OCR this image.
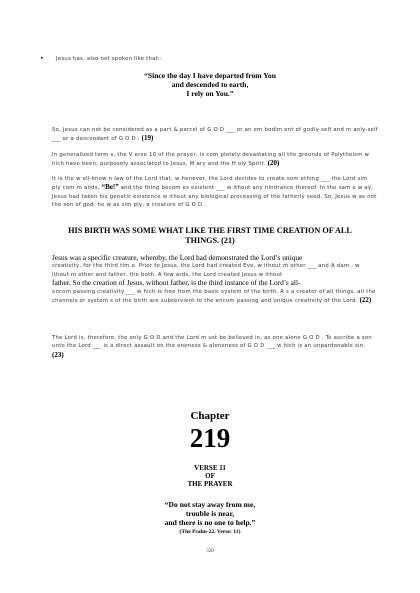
• Jesus has, also not spoken like that:-
“Since the day I have departed from You
and descended to earth,
I rely on You.”
So, Jesus can not be considered as a part & parcel of G O D ___ or an em bodim ent of godly-self and m anly-self ___ or a descendant of G O D . (19)
In generalized term s, the V erse 10 of the prayer, is com pletely devastating all the grounds of Polytheism w hich have been, purposely associated to Jesus, M ary and the H oly Spirit. (20)
It is the w ell-know n law of the Lord that, w henever, the Lord decides to create som ething ___ the Lord sim ply com m ands, “Be!” and the thing becom es existent ___ w ithout any hindrance thereof. In the sam e w ay, Jesus had taken his genetic existence w ithout any biological processing of the fatherly seed. So, Jesus w as not the son of god, he w as sim ply, a creature of G O D .
HIS BIRTH WAS SOME WHAT LIKE THE FIRST TIME CREATION OF ALL
THINGS. (21)
Jesus was a specific creature, whereby, the Lord had demonstrated the Lord’s unique
creativity, for the third tim e. Prior to Jesus, the Lord had created Eve, w ithout m other ___ and A dam , w ithout m other and father, the both. A few ards, the Lord created Jesus w ithout
father. So the creation of Jesus, without father, is the third instance of the Lord’s all-
encom passing creativity ___ w hich is free from the basic system of the birth. A s a creator of all things, all the channels or system s of the birth are subservient to the encom passing and unique creativity of the Lord. (22)
The Lord is, therefore, the only G O D and the Lord m ust be believed in, as one alone G O D . To ascribe a son unto the Lord ___ is a direct assault on the oneness & aloneness of G O D ___ w hich is an unpardonable sin. (23)
Chapter
219
VERSE 11
OF
THE PRAYER
“Do not stay away from me,
trouble is near,
and there is no one to help.”
(The Psalm-22. Verse: 11)
320
